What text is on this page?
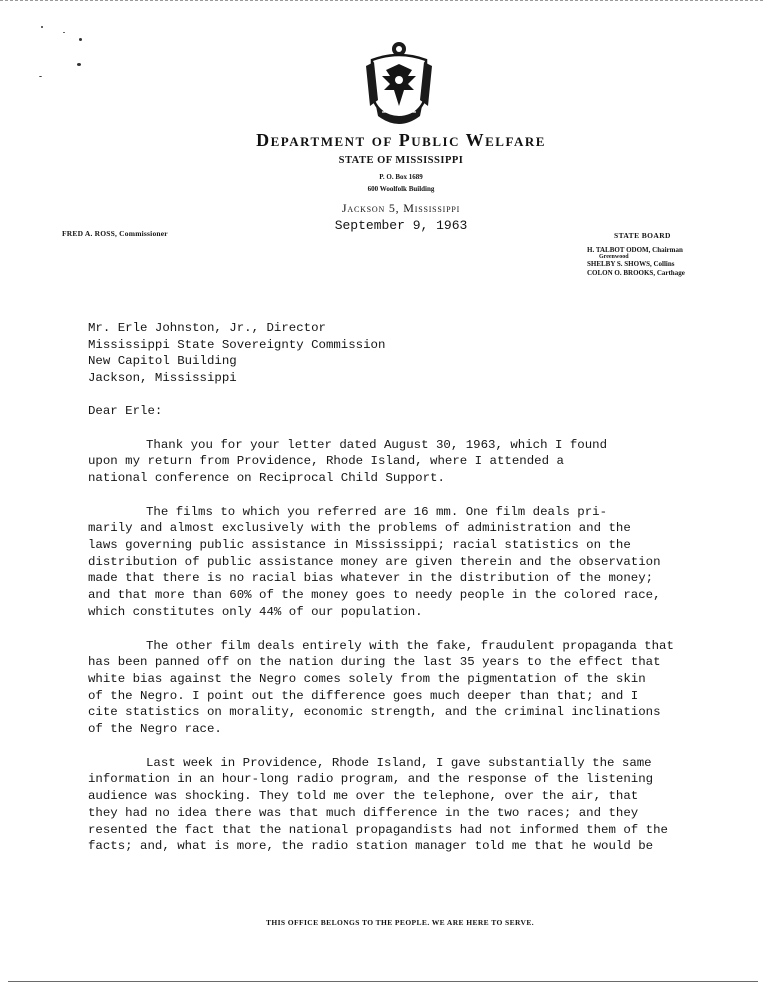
Department of Public Welfare
STATE OF MISSISSIPPI
P. O. Box 1689
600 Woolfolk Building
Jackson 5, Mississippi
September 9, 1963
FRED A. ROSS, Commissioner	STATE BOARD
H. TALBOT ODOM, Chairman
Greenwood
SHELBY S. SHOWS, Collins
COLON O. BROOKS, Carthage
Mr. Erle Johnston, Jr., Director
Mississippi State Sovereignty Commission
New Capitol Building
Jackson, Mississippi
Dear Erle:

Thank you for your letter dated August 30, 1963, which I found
upon my return from Providence, Rhode Island, where I attended a
national conference on Reciprocal Child Support.

The films to which you referred are 16 mm. One film deals pri-
marily and almost exclusively with the problems of administration and the
laws governing public assistance in Mississippi; racial statistics on the
distribution of public assistance money are given therein and the observation
made that there is no racial bias whatever in the distribution of the money;
and that more than 60% of the money goes to needy people in the colored race,
which constitutes only 44% of our population.

The other film deals entirely with the fake, fraudulent propaganda that
has been panned off on the nation during the last 35 years to the effect that
white bias against the Negro comes solely from the pigmentation of the skin
of the Negro. I point out the difference goes much deeper than that; and I
cite statistics on morality, economic strength, and the criminal inclinations
of the Negro race.

Last week in Providence, Rhode Island, I gave substantially the same
information in an hour-long radio program, and the response of the listening
audience was shocking. They told me over the telephone, over the air, that
they had no idea there was that much difference in the two races; and they
resented the fact that the national propagandists had not informed them of the
facts; and, what is more, the radio station manager told me that he would be

THIS OFFICE BELONGS TO THE PEOPLE. WE ARE HERE TO SERVE.
